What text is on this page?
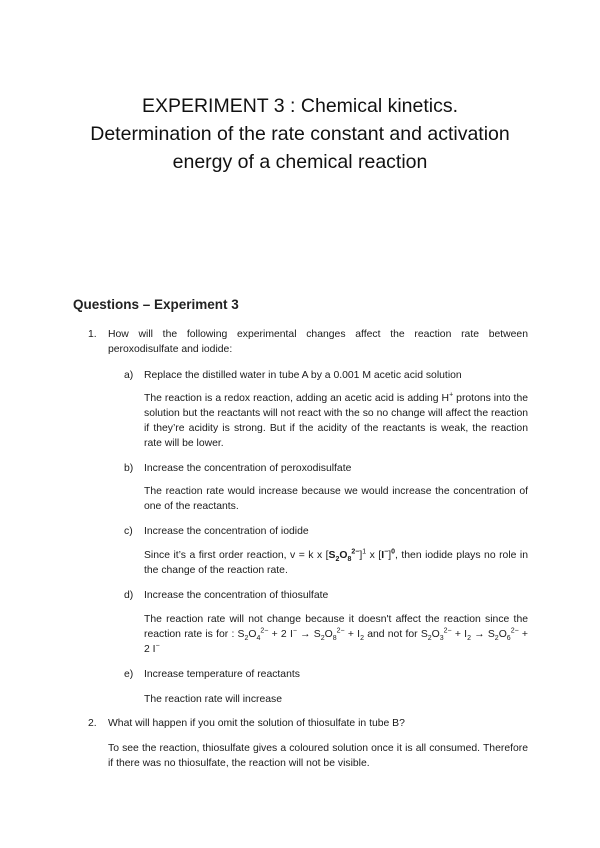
EXPERIMENT 3 : Chemical kinetics.
Determination of the rate constant and activation
energy of a chemical reaction
Questions – Experiment 3
1. How will the following experimental changes affect the reaction rate between peroxodisulfate and iodide:
a) Replace the distilled water in tube A by a 0.001 M acetic acid solution
The reaction is a redox reaction, adding an acetic acid is adding H+ protons into the solution but the reactants will not react with the so no change will affect the reaction if they’re acidity is strong. But if the acidity of the reactants is weak, the reaction rate will be lower.
b) Increase the concentration of peroxodisulfate
The reaction rate would increase because we would increase the concentration of one of the reactants.
c) Increase the concentration of iodide
Since it’s a first order reaction, v = k x $[S_2O_8^{2-}]^1$ x $[I^-]^0$, then iodide plays no role in the change of the reaction rate.
d) Increase the concentration of thiosulfate
The reaction rate will not change because it doesn't affect the reaction since the reaction rate is for : $S_2O_4^{2-} + 2$ $I^- \to S_2O_8^{2-} + I_2$ and not for $S_2O_3^{2-} + I_2 \to S_2O_6^{2-} + 2$ I−
e) Increase temperature of reactants
The reaction rate will increase
2. What will happen if you omit the solution of thiosulfate in tube B?
To see the reaction, thiosulfate gives a coloured solution once it is all consumed. Therefore if there was no thiosulfate, the reaction will not be visible.
